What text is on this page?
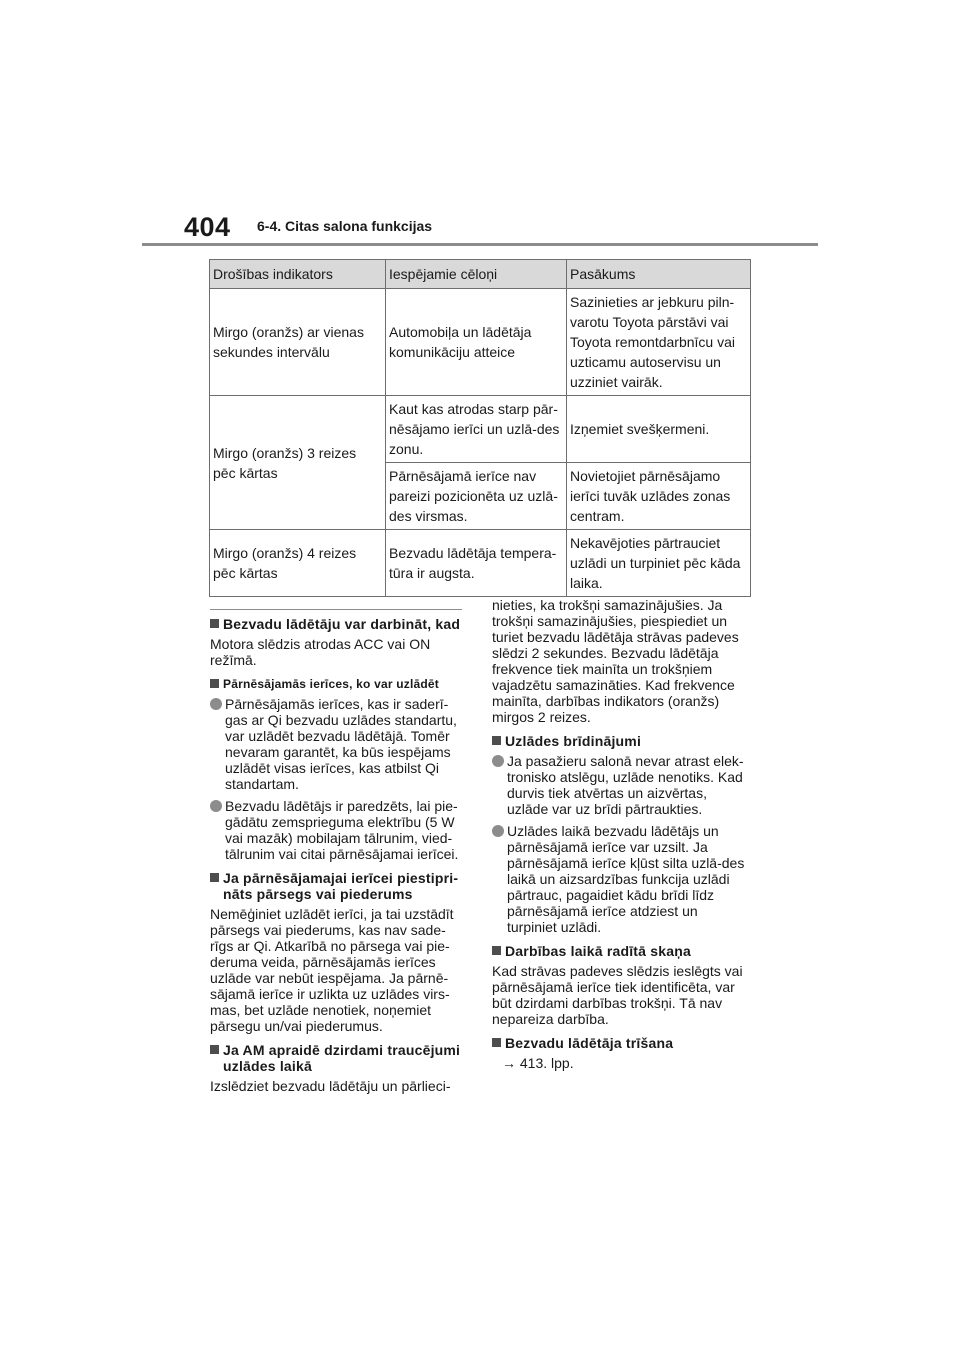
404 6-4. Citas salona funkcijas
Drošības indikators	Iespējamie cēloņi	Pasākums
Mirgo (oranžs) ar vienas sekundes intervālu	Automobiļa un lādētāja komunikāciju atteice	Sazinieties ar jebkuru piln-varotu Toyota pārstāvi vai Toyota remontdarbnīcu vai uzticamu autoservisu un uzziniet vairāk.
Mirgo (oranžs) 3 reizes pēc kārtas	Kaut kas atrodas starp pār-nēsājamo ierīci un uzlā-des zonu.	Izņemiet svešķermeni.
	Pārnēsājamā ierīce nav pareizi pozicionēta uz uzlā-des virsmas.	Novietojiet pārnēsājamo ierīci tuvāk uzlādes zonas centram.
Mirgo (oranžs) 4 reizes pēc kārtas	Bezvadu lādētāja tempera-tūra ir augsta.	Nekavējoties pārtrauciet uzlādi un turpiniet pēc kāda laika.
Bezvadu lādētāju var darbināt, kad
Motora slēdzis atrodas ACC vai ON režīmā.
Pārnēsājamās ierīces, ko var uzlādēt
Pārnēsājamās ierīces, kas ir saderī-gas ar Qi bezvadu uzlādes standartu, var uzlādēt bezvadu lādētājā. Tomēr nevaram garantēt, ka būs iespējams uzlādēt visas ierīces, kas atbilst Qi standartam.
Bezvadu lādētājs ir paredzēts, lai pie-gādātu zemsprieguma elektrību (5 W vai mazāk) mobilajam tālrunim, vied-tālrunim vai citai pārnēsājamai ierīcei.
Ja pārnēsājamajai ierīcei piestipri-nāts pārsegs vai piederums
Nemēģiniet uzlādēt ierīci, ja tai uzstādīt pārsegs vai piederums, kas nav sade-rīgs ar Qi. Atkarībā no pārsega vai pie-deruma veida, pārnēsājamās ierīces uzlāde var nebūt iespējama. Ja pārnē-sājamā ierīce ir uzlikta uz uzlādes virs-mas, bet uzlāde nenotiek, noņemiet pārsegu un/vai piederumus.
Ja AM apraidē dzirdami traucējumi uzlādes laikā
Izslēdziet bezvadu lādētāju un pārlieci-
nieties, ka trokšņi samazinājušies. Ja trokšņi samazinājušies, piespiediet un turiet bezvadu lādētāja strāvas padeves slēdzi 2 sekundes. Bezvadu lādētāja frekvence tiek mainīta un trokšņiem vajadzētu samazināties. Kad frekvence mainīta, darbības indikators (oranžs) mirgos 2 reizes.
Uzlādes brīdinājumi
Ja pasažieru salonā nevar atrast elek-tronisko atslēgu, uzlāde nenotiks. Kad durvis tiek atvērtas un aizvērtas, uzlāde var uz brīdi pārtraukties.
Uzlādes laikā bezvadu lādētājs un pārnēsājamā ierīce var uzsilt. Ja pārnēsājamā ierīce kļūst silta uzlā-des laikā un aizsardzības funkcija uzlādi pārtrauc, pagaidiet kādu brīdi līdz pārnēsājamā ierīce atdziest un turpiniet uzlādi.
Darbības laikā radītā skaņa
Kad strāvas padeves slēdzis ieslēgts vai pārnēsājamā ierīce tiek identificēta, var būt dzirdami darbības trokšņi. Tā nav nepareiza darbība.
Bezvadu lādētāja trīšana
→ 413. lpp.
